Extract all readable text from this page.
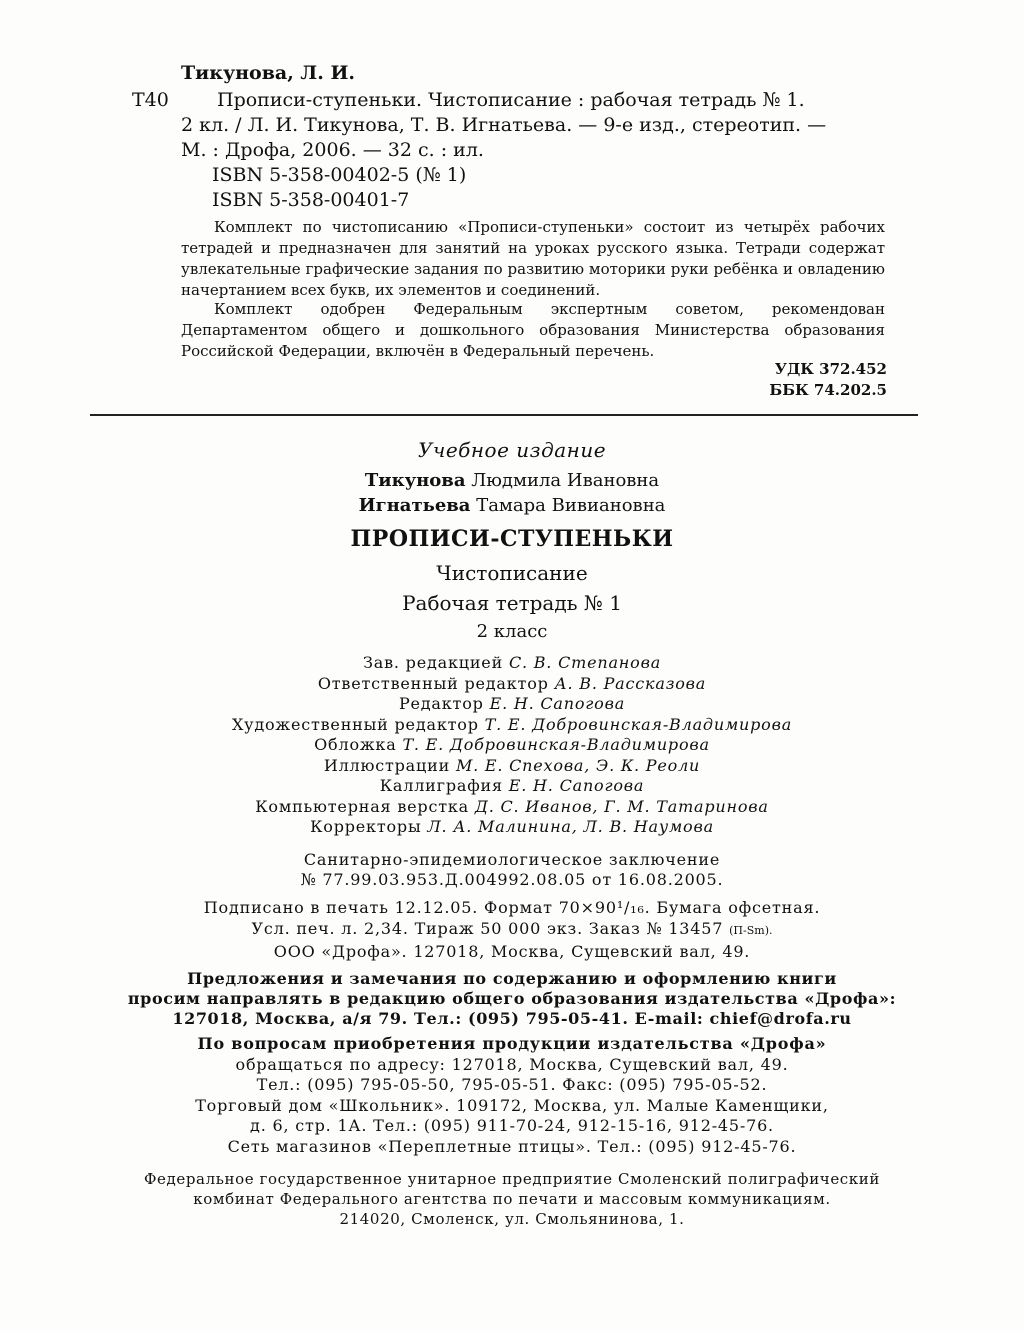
Тикунова, Л. И.
Т40	Прописи-ступеньки. Чистописание : рабочая тетрадь № 1.
2 кл. / Л. И. Тикунова, Т. В. Игнатьева. — 9-е изд., стереотип. —
М. : Дрофа, 2006. — 32 с. : ил.
ISBN 5-358-00402-5 (№ 1)
ISBN 5-358-00401-7

Комплект по чистописанию «Прописи-ступеньки» состоит из четырёх рабочих тетрадей и предназначен для занятий на уроках русского языка. Тетради содержат увлекательные графические задания по развитию моторики руки ребёнка и овладению начертанием всех букв, их элементов и соединений.

Комплект одобрен Федеральным экспертным советом, рекомендован Департаментом общего и дошкольного образования Министерства образования Российской Федерации, включён в Федеральный перечень.

УДК 372.452
ББК 74.202.5
Учебное издание
Тикунова Людмила Ивановна
Игнатьева Тамара Вивиановна
ПРОПИСИ-СТУПЕНЬКИ
Чистописание
Рабочая тетрадь № 1
2 класс
Зав. редакцией С. В. Степанова
Ответственный редактор А. В. Рассказова
Редактор Е. Н. Сапогова
Художественный редактор Т. Е. Добровинская-Владимирова
Обложка Т. Е. Добровинская-Владимирова
Иллюстрации М. Е. Спехова, Э. К. Реоли
Каллиграфия Е. Н. Сапогова
Компьютерная верстка Д. С. Иванов, Г. М. Татаринова
Корректоры Л. А. Малинина, Л. В. Наумова
Санитарно-эпидемиологическое заключение
№ 77.99.03.953.Д.004992.08.05 от 16.08.2005.
Подписано в печать 12.12.05. Формат 70×90¹/₁₆. Бумага офсетная.
Усл. печ. л. 2,34. Тираж 50 000 экз. Заказ № 13457 (П-Sm).
ООО «Дрофа». 127018, Москва, Сущевский вал, 49.
Предложения и замечания по содержанию и оформлению книги
просим направлять в редакцию общего образования издательства «Дрофа»:
127018, Москва, а/я 79. Тел.: (095) 795-05-41. E-mail: chief@drofa.ru
По вопросам приобретения продукции издательства «Дрофа»
обращаться по адресу: 127018, Москва, Сущевский вал, 49.
Тел.: (095) 795-05-50, 795-05-51. Факс: (095) 795-05-52.
Торговый дом «Школьник». 109172, Москва, ул. Малые Каменщики,
д. 6, стр. 1А. Тел.: (095) 911-70-24, 912-15-16, 912-45-76.
Сеть магазинов «Переплетные птицы». Тел.: (095) 912-45-76.
Федеральное государственное унитарное предприятие Смоленский полиграфический
комбинат Федерального агентства по печати и массовым коммуникациям.
214020, Смоленск, ул. Смольянинова, 1.
